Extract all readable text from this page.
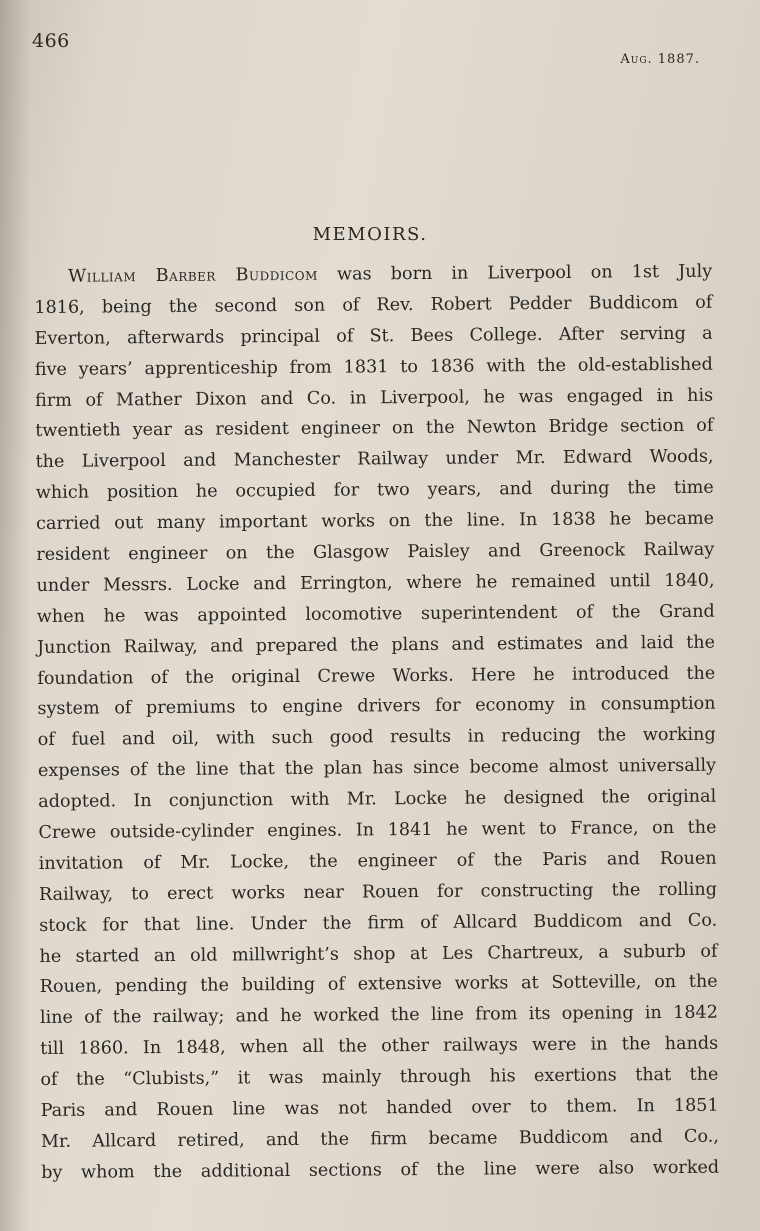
466
Aug. 1887.
MEMOIRS.
William Barber Buddicom was born in Liverpool on 1st July
1816, being the second son of Rev. Robert Pedder Buddicom of
Everton, afterwards principal of St. Bees College. After serving a
five years’ apprenticeship from 1831 to 1836 with the old-established
firm of Mather Dixon and Co. in Liverpool, he was engaged in his
twentieth year as resident engineer on the Newton Bridge section of
the Liverpool and Manchester Railway under Mr. Edward Woods,
which position he occupied for two years, and during the time
carried out many important works on the line. In 1838 he became
resident engineer on the Glasgow Paisley and Greenock Railway
under Messrs. Locke and Errington, where he remained until 1840,
when he was appointed locomotive superintendent of the Grand
Junction Railway, and prepared the plans and estimates and laid the
foundation of the original Crewe Works. Here he introduced the
system of premiums to engine drivers for economy in consumption
of fuel and oil, with such good results in reducing the working
expenses of the line that the plan has since become almost universally
adopted. In conjunction with Mr. Locke he designed the original
Crewe outside-cylinder engines. In 1841 he went to France, on the
invitation of Mr. Locke, the engineer of the Paris and Rouen
Railway, to erect works near Rouen for constructing the rolling
stock for that line. Under the firm of Allcard Buddicom and Co.
he started an old millwright’s shop at Les Chartreux, a suburb of
Rouen, pending the building of extensive works at Sotteville, on the
line of the railway; and he worked the line from its opening in 1842
till 1860. In 1848, when all the other railways were in the hands
of the “Clubists,” it was mainly through his exertions that the
Paris and Rouen line was not handed over to them. In 1851
Mr. Allcard retired, and the firm became Buddicom and Co.,
by whom the additional sections of the line were also worked
